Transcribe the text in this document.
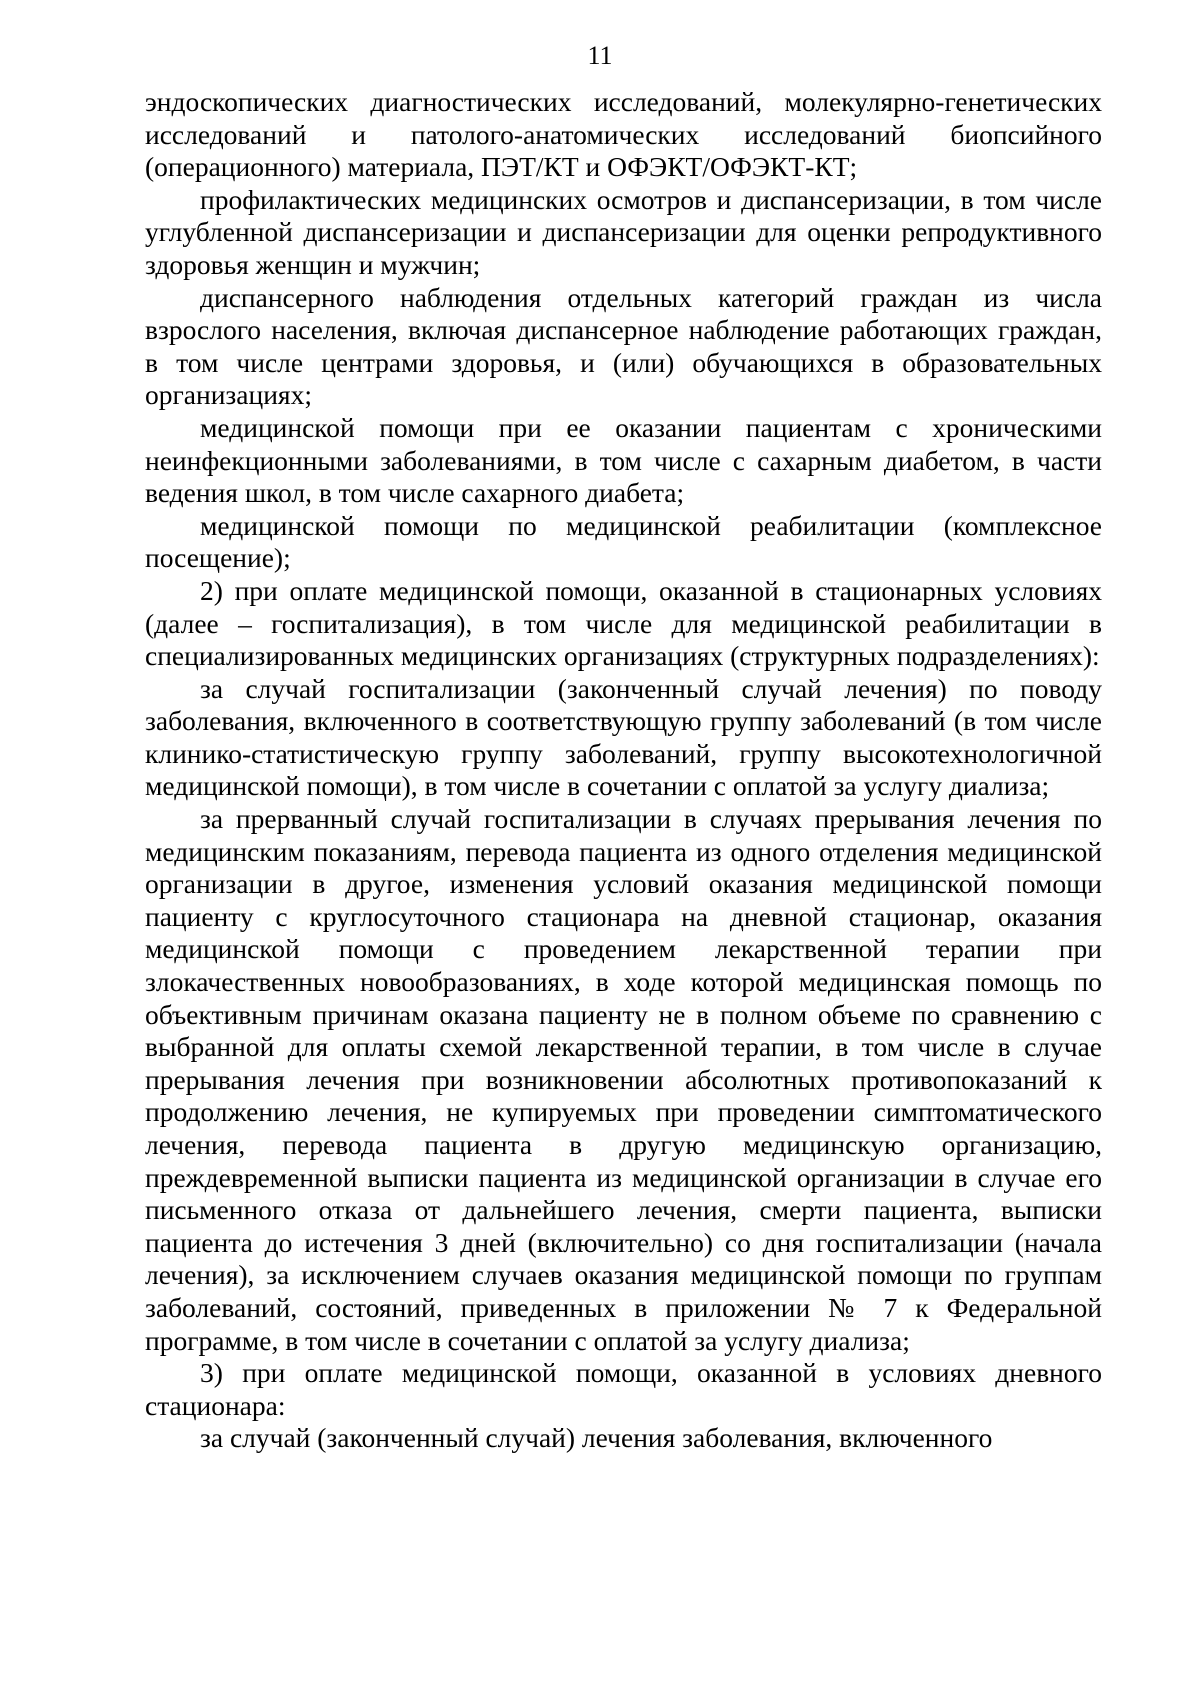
11

эндоскопических диагностических исследований, молекулярно-генетических исследований и патолого-анатомических исследований биопсийного (операционного) материала, ПЭТ/КТ и ОФЭКТ/ОФЭКТ-КТ;

профилактических медицинских осмотров и диспансеризации, в том числе углубленной диспансеризации и диспансеризации для оценки репродуктивного здоровья женщин и мужчин;

диспансерного наблюдения отдельных категорий граждан из числа взрослого населения, включая диспансерное наблюдение работающих граждан, в том числе центрами здоровья, и (или) обучающихся в образовательных организациях;

медицинской помощи при ее оказании пациентам с хроническими неинфекционными заболеваниями, в том числе с сахарным диабетом, в части ведения школ, в том числе сахарного диабета;

медицинской помощи по медицинской реабилитации (комплексное посещение);

2) при оплате медицинской помощи, оказанной в стационарных условиях (далее – госпитализация), в том числе для медицинской реабилитации в специализированных медицинских организациях (структурных подразделениях):

за случай госпитализации (законченный случай лечения) по поводу заболевания, включенного в соответствующую группу заболеваний (в том числе клинико-статистическую группу заболеваний, группу высокотехнологичной медицинской помощи), в том числе в сочетании с оплатой за услугу диализа;

за прерванный случай госпитализации в случаях прерывания лечения по медицинским показаниям, перевода пациента из одного отделения медицинской организации в другое, изменения условий оказания медицинской помощи пациенту с круглосуточного стационара на дневной стационар, оказания медицинской помощи с проведением лекарственной терапии при злокачественных новообразованиях, в ходе которой медицинская помощь по объективным причинам оказана пациенту не в полном объеме по сравнению с выбранной для оплаты схемой лекарственной терапии, в том числе в случае прерывания лечения при возникновении абсолютных противопоказаний к продолжению лечения, не купируемых при проведении симптоматического лечения, перевода пациента в другую медицинскую организацию, преждевременной выписки пациента из медицинской организации в случае его письменного отказа от дальнейшего лечения, смерти пациента, выписки пациента до истечения 3 дней (включительно) со дня госпитализации (начала лечения), за исключением случаев оказания медицинской помощи по группам заболеваний, состояний, приведенных в приложении № 7 к Федеральной программе, в том числе в сочетании с оплатой за услугу диализа;

3) при оплате медицинской помощи, оказанной в условиях дневного стационара:

за случай (законченный случай) лечения заболевания, включенного
